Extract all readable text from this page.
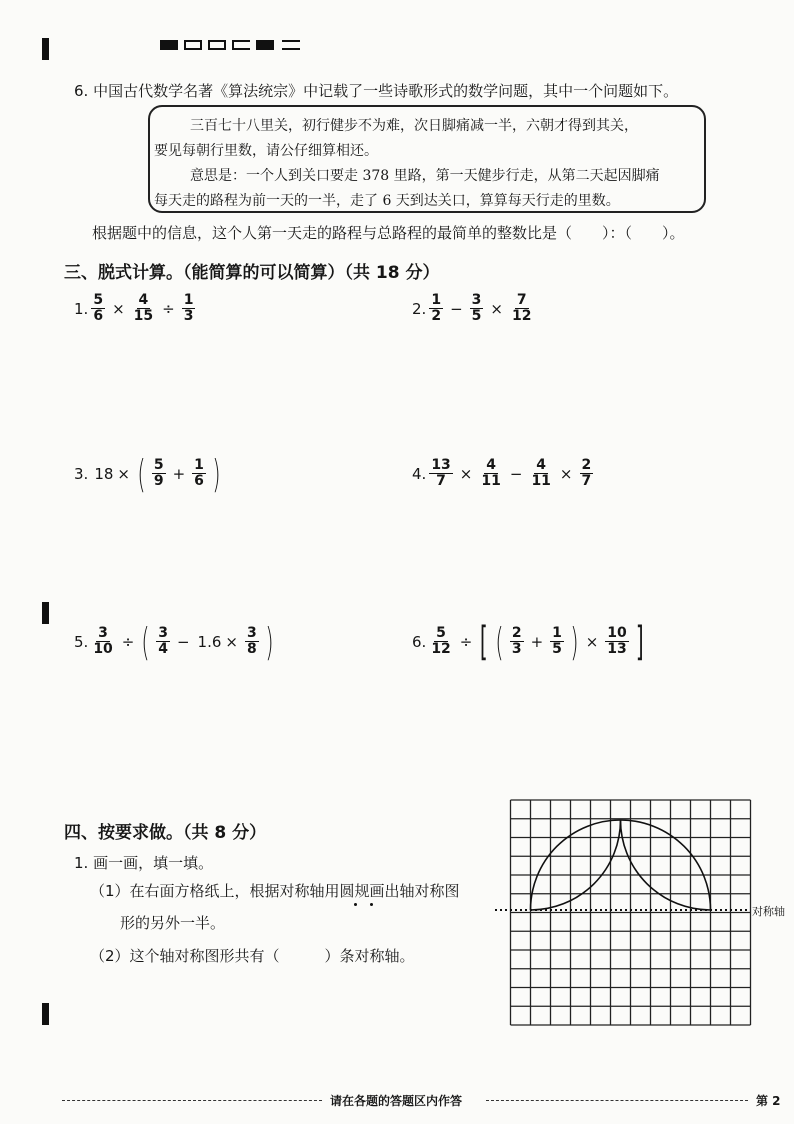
6. 中国古代数学名著《算法统宗》中记载了一些诗歌形式的数学问题，其中一个问题如下。
三百七十八里关，初行健步不为难，次日脚痛减一半，六朝才得到其关，
要见每朝行里数，请公仔细算相还。
意思是：一个人到关口要走 378 里路，第一天健步行走，从第二天起因脚痛
每天走的路程为前一天的一半，走了 6 天到达关口，算算每天行走的里数。
根据题中的信息，这个人第一天走的路程与总路程的最简单的整数比是（　　）：（　　）。
三、脱式计算。（能简算的可以简算）（共 18 分）
1. $\frac{5}{6} \times \frac{4}{15} \div \frac{1}{3}$	2. $\frac{1}{2} - \frac{3}{5} \times \frac{7}{12}$
3. 18 × ( $\frac{5}{9} + \frac{1}{6}$ )	4. $\frac{13}{7} \times \frac{4}{11} - \frac{4}{11} \times \frac{2}{7}$
5. $\frac{3}{10}$ ÷ ( $\frac{3}{4} - 1.6 \times \frac{3}{8}$ )	6. $\frac{5}{12}$ ÷ [ ( $\frac{2}{3} + \frac{1}{5}$ ) × $\frac{10}{13}$ ]
四、按要求做。（共 8 分）
1. 画一画，填一填。
（1）在右面方格纸上，根据对称轴用圆规画出轴对称图
形的另外一半。
（2）这个轴对称图形共有（　　　）条对称轴。
对称轴
请在各题的答题区内作答	第 2
